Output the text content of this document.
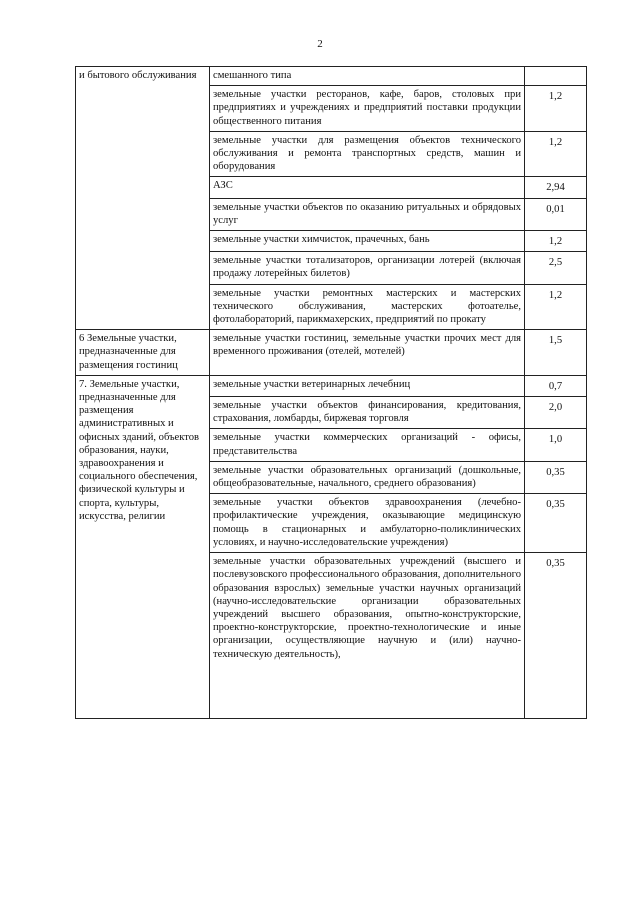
2
и бытового обслуживания	смешанного типа	
	земельные участки ресторанов, кафе, баров, столовых при предприятиях и учреждениях и предприятий поставки продукции общественного питания	1,2
	земельные участки для размещения объектов технического обслуживания и ремонта транспортных средств, машин и оборудования	1,2
	АЗС	2,94
	земельные участки объектов по оказанию ритуальных и обрядовых услуг	0,01
	земельные участки химчисток, прачечных, бань	1,2
	земельные участки тотализаторов, организации лотерей (включая продажу лотерейных билетов)	2,5
	земельные участки ремонтных мастерских и мастерских технического обслуживания, мастерских фотоателье, фотолабораторий, парикмахерских, предприятий по прокату	1,2
6 Земельные участки, предназначенные для размещения гостиниц	земельные участки гостиниц, земельные участки прочих мест для временного проживания (отелей, мотелей)	1,5
7. Земельные участки, предназначенные для размещения административных и офисных зданий, объектов образования, науки, здравоохранения и социального обеспечения, физической культуры и спорта, культуры, искусства, религии	земельные участки ветеринарных лечебниц	0,7
	земельные участки объектов финансирования, кредитования, страхования, ломбарды, биржевая торговля	2,0
	земельные участки коммерческих организаций - офисы, представительства	1,0
	земельные участки образовательных организаций (дошкольные, общеобразовательные, начального, среднего образования)	0,35
	земельные участки объектов здравоохранения (лечебно-профилактические учреждения, оказывающие медицинскую помощь в стационарных и амбулаторно-поликлинических условиях, и научно-исследовательские учреждения)	0,35
	земельные участки образовательных учреждений (высшего и послевузовского профессионального образования, дополнительного образования взрослых) земельные участки научных организаций (научно-исследовательские организации образовательных учреждений высшего образования, опытно-конструкторские, проектно-конструкторские, проектно-технологические и иные организации, осуществляющие научную и (или) научно-техническую деятельность),	0,35
